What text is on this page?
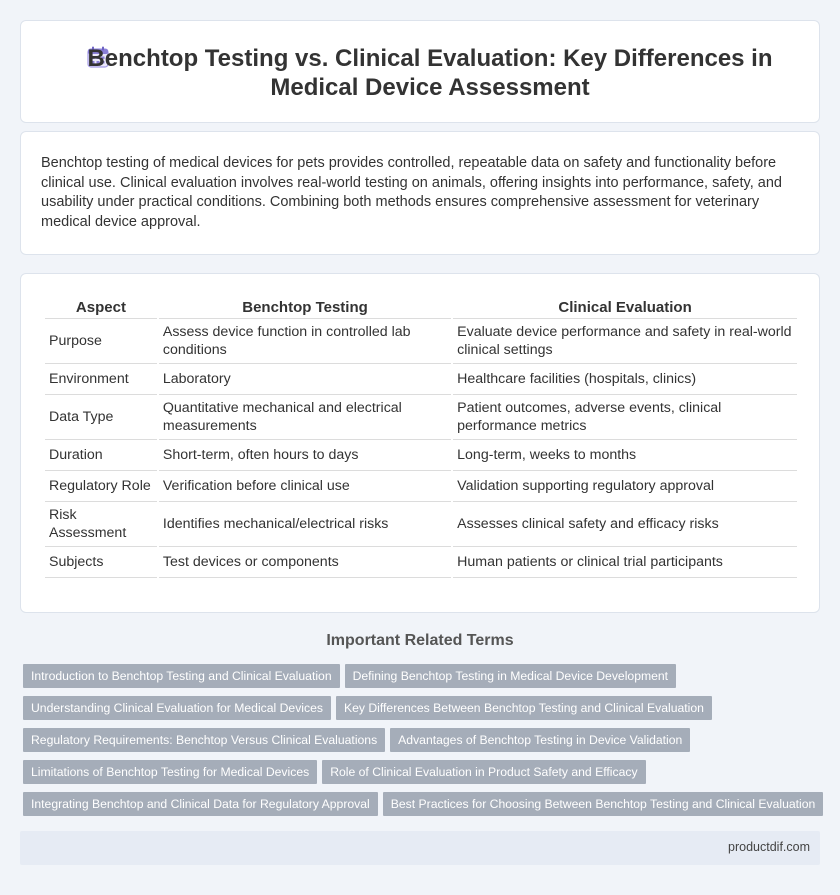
Benchtop Testing vs. Clinical Evaluation: Key Differences in Medical Device Assessment

Benchtop testing of medical devices for pets provides controlled, repeatable data on safety and functionality before clinical use. Clinical evaluation involves real-world testing on animals, offering insights into performance, safety, and usability under practical conditions. Combining both methods ensures comprehensive assessment for veterinary medical device approval.

Aspect	Benchtop Testing	Clinical Evaluation
Purpose	Assess device function in controlled lab conditions	Evaluate device performance and safety in real-world clinical settings
Environment	Laboratory	Healthcare facilities (hospitals, clinics)
Data Type	Quantitative mechanical and electrical measurements	Patient outcomes, adverse events, clinical performance metrics
Duration	Short-term, often hours to days	Long-term, weeks to months
Regulatory Role	Verification before clinical use	Validation supporting regulatory approval
Risk Assessment	Identifies mechanical/electrical risks	Assesses clinical safety and efficacy risks
Subjects	Test devices or components	Human patients or clinical trial participants
Important Related Terms
Introduction to Benchtop Testing and Clinical Evaluation Defining Benchtop Testing in Medical Device Development
Understanding Clinical Evaluation for Medical Devices Key Differences Between Benchtop Testing and Clinical Evaluation
Regulatory Requirements: Benchtop Versus Clinical Evaluations Advantages of Benchtop Testing in Device Validation
Limitations of Benchtop Testing for Medical Devices Role of Clinical Evaluation in Product Safety and Efficacy
Integrating Benchtop and Clinical Data for Regulatory Approval Best Practices for Choosing Between Benchtop Testing and Clinical Evaluation
productdif.com
